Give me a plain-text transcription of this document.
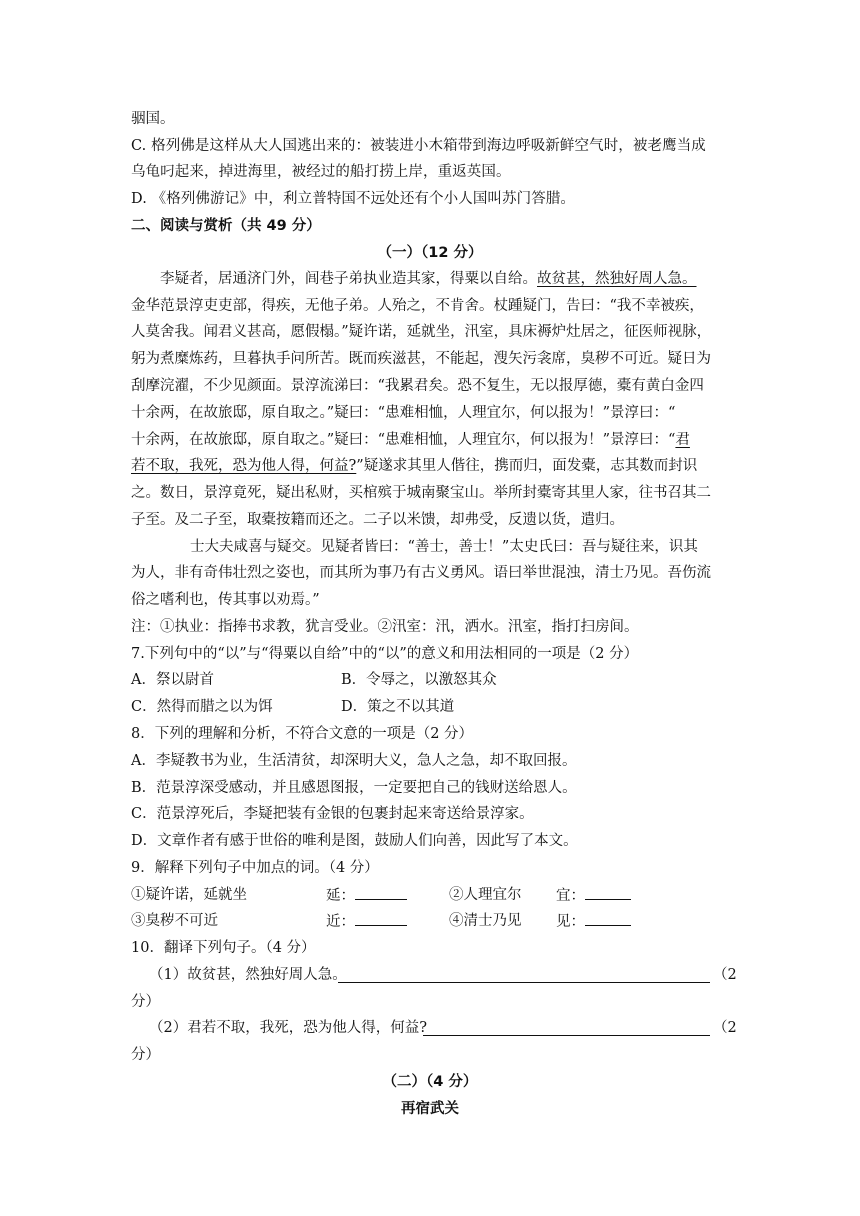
骃国。
C. 格列佛是这样从大人国逃出来的：被装进小木箱带到海边呼吸新鲜空气时，被老鹰当成
乌龟叼起来，掉进海里，被经过的船打捞上岸，重返英国。
D. 《格列佛游记》中，利立普特国不远处还有个小人国叫苏门答腊。
二、阅读与赏析（共 49 分）
（一）（12 分）
李疑者，居通济门外，闾巷子弟执业造其家，得粟以自给。故贫甚，然独好周人急。
金华范景淳吏吏部，得疾，无他子弟。人殆之，不肯舍。杖踵疑门，告曰：“我不幸被疾，
人莫舍我。闻君义甚高，愿假榻。”疑许诺，延就坐，汛室，具床褥炉灶居之，征医师视脉，
躬为煮糜炼药，旦暮执手问所苦。既而疾滋甚，不能起，溲矢污衾席，臭秽不可近。疑日为
刮摩浣濯，不少见颜面。景淳流涕曰：“我累君矣。恐不复生，无以报厚德，橐有黄白金四
十余两，在故旅邸，原自取之。”疑曰：“患难相恤，人理宜尔，何以报为！”景淳曰：“
十余两，在故旅邸，原自取之。”疑曰：“患难相恤，人理宜尔，何以报为！”景淳曰：“君
若不取，我死，恐为他人得，何益?”疑遂求其里人偕往，携而归，面发橐，志其数而封识
之。数日，景淳竟死，疑出私财，买棺殡于城南聚宝山。举所封橐寄其里人家，往书召其二
子至。及二子至，取橐按籍而还之。二子以米馈，却弗受，反遗以货，遣归。
士大夫咸喜与疑交。见疑者皆曰：“善士，善士！”太史氏曰：吾与疑往来，识其
为人，非有奇伟壮烈之姿也，而其所为事乃有古义勇风。语曰举世混浊，清士乃见。吾伤流
俗之嗜利也，传其事以劝焉。”
注：①执业：指捧书求教，犹言受业。②汛室：汛，洒水。汛室，指打扫房间。
7.下列句中的“以”与“得粟以自给”中的“以”的意义和用法相同的一项是（2 分）
A．祭以尉首	B．令辱之，以激怒其众
C．然得而腊之以为饵	D．策之不以其道
8．下列的理解和分析，不符合文意的一项是（2 分）
A．李疑教书为业，生活清贫，却深明大义，急人之急，却不取回报。
B．范景淳深受感动，并且感恩图报，一定要把自己的钱财送给恩人。
C．范景淳死后，李疑把装有金银的包裹封起来寄送给景淳家。
D．文章作者有感于世俗的唯利是图，鼓励人们向善，因此写了本文。
9．解释下列句子中加点的词。（4 分）
①疑许诺，延就坐	延：	②人理宜尔 宜：
③臭秽不可近	近：	④清士乃见 见：
10．翻译下列句子。（4 分）
（1）故贫甚，然独好周人急。	（2
分）
（2）君若不取，我死，恐为他人得，何益?	（2
分）
（二）（4 分）
再宿武关
